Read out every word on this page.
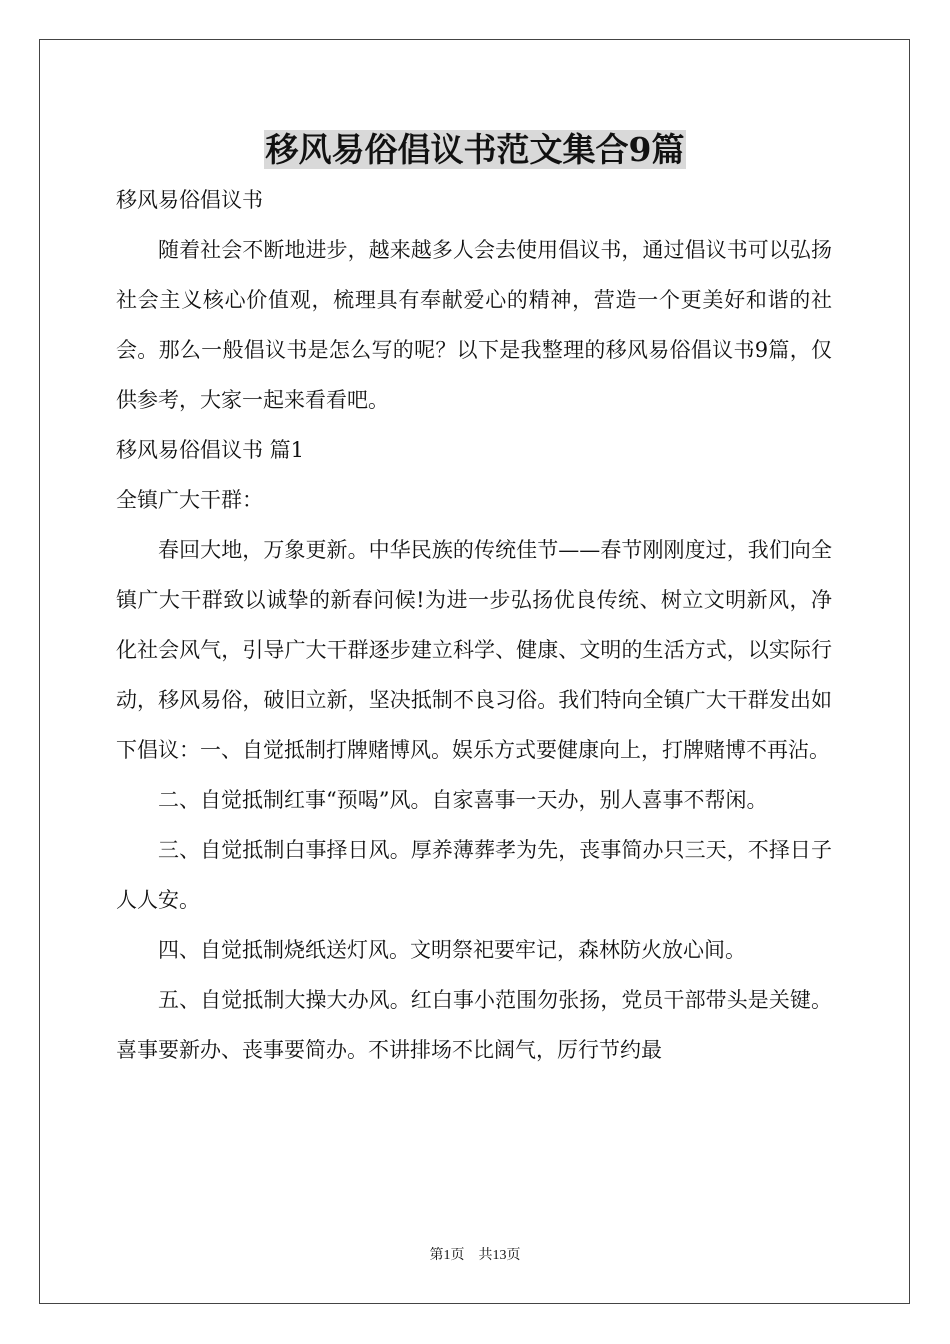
移风易俗倡议书范文集合9篇

移风易俗倡议书

随着社会不断地进步，越来越多人会去使用倡议书，通过倡议书可以弘扬社会主义核心价值观，梳理具有奉献爱心的精神，营造一个更美好和谐的社会。那么一般倡议书是怎么写的呢？以下是我整理的移风易俗倡议书9篇，仅供参考，大家一起来看看吧。

移风易俗倡议书 篇1

全镇广大干群：

春回大地，万象更新。中华民族的传统佳节——春节刚刚度过，我们向全镇广大干群致以诚挚的新春问候!为进一步弘扬优良传统、树立文明新风，净化社会风气，引导广大干群逐步建立科学、健康、文明的生活方式，以实际行动，移风易俗，破旧立新，坚决抵制不良习俗。我们特向全镇广大干群发出如下倡议：一、自觉抵制打牌赌博风。娱乐方式要健康向上，打牌赌博不再沾。

二、自觉抵制红事“预喝”风。自家喜事一天办，别人喜事不帮闲。

三、自觉抵制白事择日风。厚养薄葬孝为先，丧事简办只三天，不择日子人人安。

四、自觉抵制烧纸送灯风。文明祭祀要牢记，森林防火放心间。

五、自觉抵制大操大办风。红白事小范围勿张扬，党员干部带头是关键。喜事要新办、丧事要简办。不讲排场不比阔气，厉行节约最

第1页 共13页
